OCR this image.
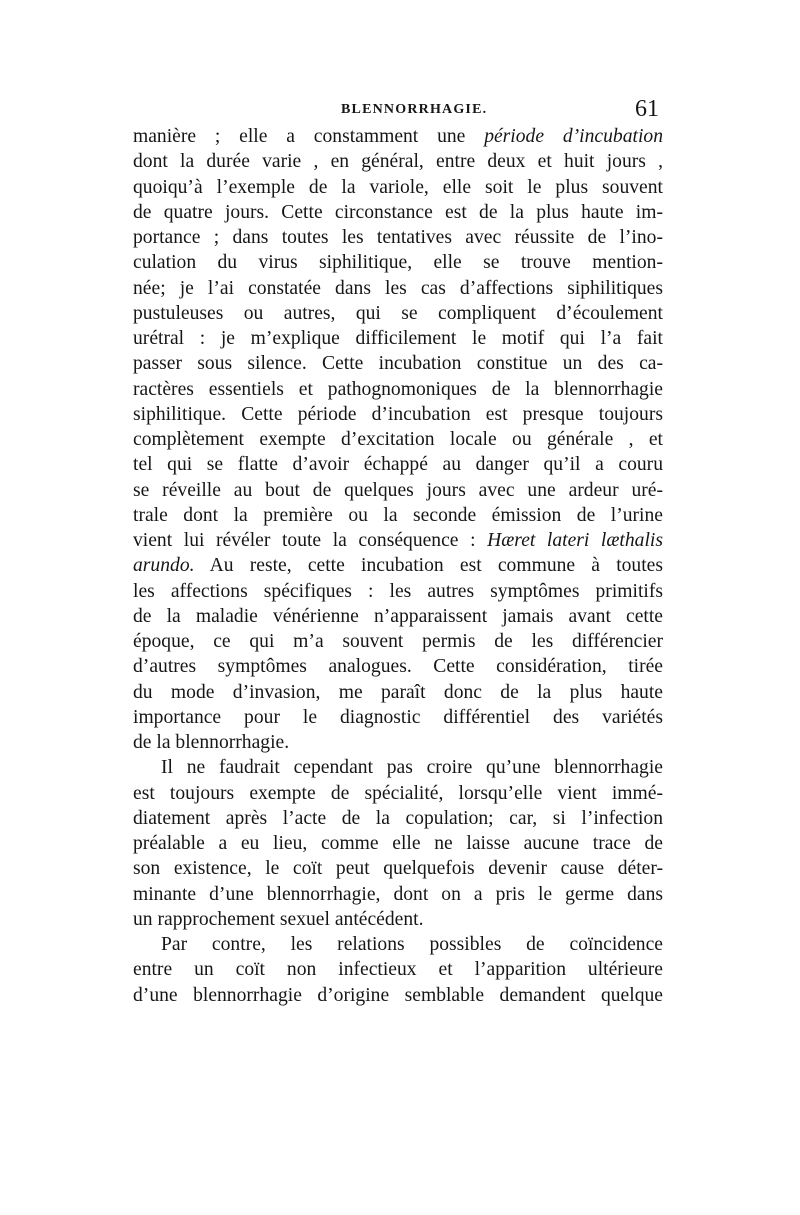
BLENNORRHAGIE.	61
manière ; elle a constamment une période d’incubation
dont la durée varie , en général, entre deux et huit jours ,
quoiqu’à l’exemple de la variole, elle soit le plus souvent
de quatre jours. Cette circonstance est de la plus haute im-
portance ; dans toutes les tentatives avec réussite de l’ino-
culation du virus siphilitique, elle se trouve mention-
née; je l’ai constatée dans les cas d’affections siphilitiques
pustuleuses ou autres, qui se compliquent d’écoulement
urétral : je m’explique difficilement le motif qui l’a fait
passer sous silence. Cette incubation constitue un des ca-
ractères essentiels et pathognomoniques de la blennorrhagie
siphilitique. Cette période d’incubation est presque toujours
complètement exempte d’excitation locale ou générale , et
tel qui se flatte d’avoir échappé au danger qu’il a couru
se réveille au bout de quelques jours avec une ardeur uré-
trale dont la première ou la seconde émission de l’urine
vient lui révéler toute la conséquence : Hæret lateri læthalis
arundo. Au reste, cette incubation est commune à toutes
les affections spécifiques : les autres symptômes primitifs
de la maladie vénérienne n’apparaissent jamais avant cette
époque, ce qui m’a souvent permis de les différencier
d’autres symptômes analogues. Cette considération, tirée
du mode d’invasion, me paraît donc de la plus haute
importance pour le diagnostic différentiel des variétés
de la blennorrhagie.
Il ne faudrait cependant pas croire qu’une blennorrhagie
est toujours exempte de spécialité, lorsqu’elle vient immé-
diatement après l’acte de la copulation; car, si l’infection
préalable a eu lieu, comme elle ne laisse aucune trace de
son existence, le coït peut quelquefois devenir cause déter-
minante d’une blennorrhagie, dont on a pris le germe dans
un rapprochement sexuel antécédent.
Par contre, les relations possibles de coïncidence
entre un coït non infectieux et l’apparition ultérieure
d’une blennorrhagie d’origine semblable demandent quelque
